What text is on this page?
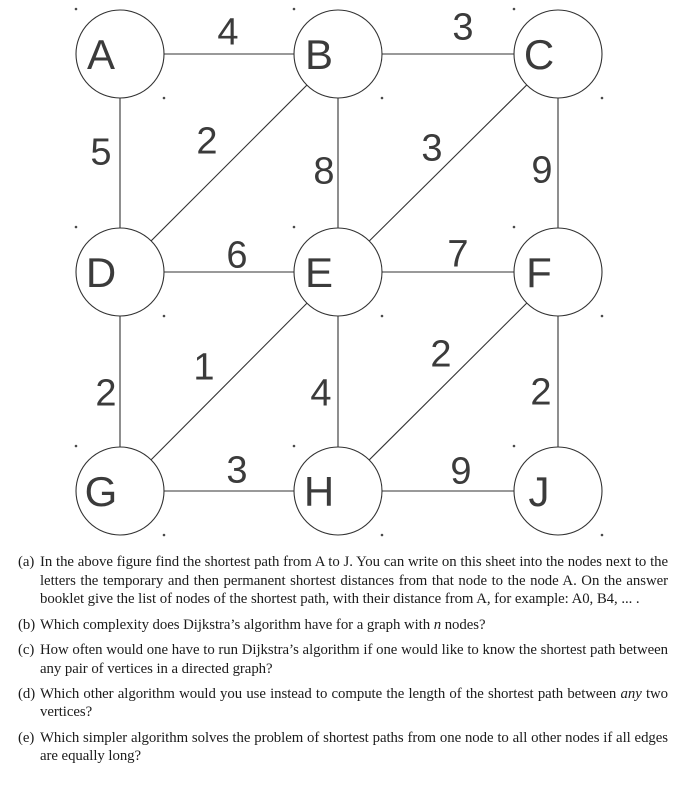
A	B	C
D	E	F
G	H	J
4	3
5 2
8
3
9
6	7
2
1
4
2
2
3	9
(a) In the above figure find the shortest path from A to J. You can write on this sheet into the nodes next to the letters the temporary and then permanent shortest distances from that node to the node A. On the answer booklet give the list of nodes of the shortest path, with their distance from A, for example: A0, B4, ... .
(b) Which complexity does Dijkstra’s algorithm have for a graph with n nodes?
(c) How often would one have to run Dijkstra’s algorithm if one would like to know the shortest path between any pair of vertices in a directed graph?
(d) Which other algorithm would you use instead to compute the length of the shortest path between any two vertices?
(e) Which simpler algorithm solves the problem of shortest paths from one node to all other nodes if all edges are equally long?
